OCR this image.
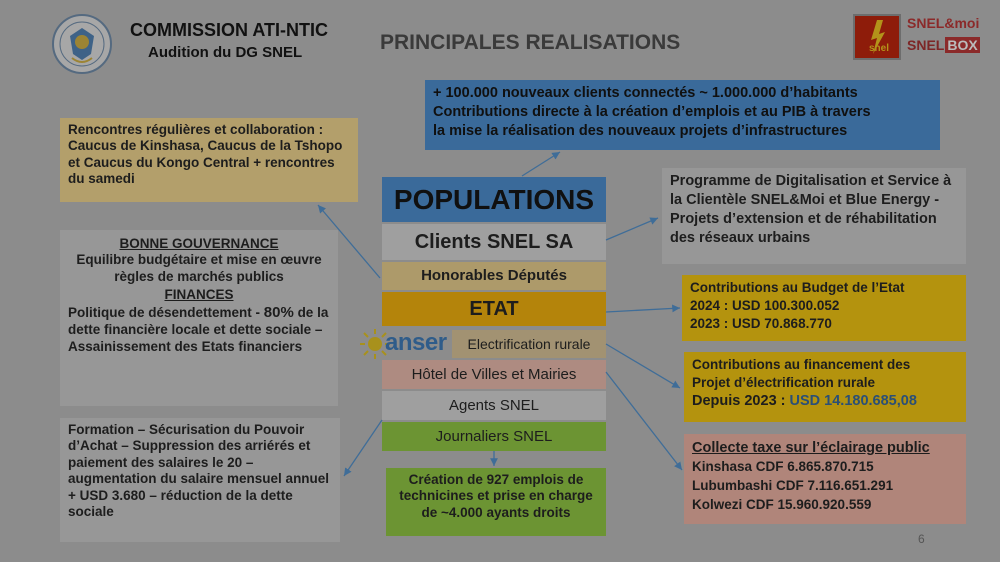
COMMISSION ATI-NTIC
Audition du DG SNEL	PRINCIPALES REALISATIONS	snel
SNEL&moi
SNEL BOX
+ 100.000 nouveaux clients connectés ~ 1.000.000 d’habitants
Contributions directe à la création d’emplois et au PIB à travers
la mise la réalisation des nouveaux projets d’infrastructures
Rencontres régulières et collaboration : Caucus de Kinshasa, Caucus de la Tshopo et Caucus du Kongo Central + rencontres du samedi
BONNE GOUVERNANCE
Equilibre budgétaire et mise en œuvre règles de marchés publics
FINANCES
Politique de désendettement - 80% de la dette financière locale et dette sociale – Assainissement des Etats financiers
Formation – Sécurisation du Pouvoir d’Achat – Suppression des arriérés et paiement des salaires le 20 – augmentation du salaire mensuel annuel + USD 3.680 – réduction de la dette sociale
POPULATIONS
Clients SNEL SA
Honorables Députés
ETAT
anser	Electrification rurale
Hôtel de Villes et Mairies
Agents SNEL
Journaliers SNEL
Création de 927 emplois de technicines et prise en charge de ~4.000 ayants droits
Programme de Digitalisation et Service à la Clientèle SNEL&Moi et Blue Energy - Projets d’extension et de réhabilitation des réseaux urbains
Contributions au Budget de l’Etat
2024 : USD 100.300.052
2023 : USD 70.868.770
Contributions au financement des
Projet d’électrification rurale
Depuis 2023 : USD 14.180.685,08
Collecte taxe sur l’éclairage public
Kinshasa CDF 6.865.870.715
Lubumbashi CDF 7.116.651.291
Kolwezi CDF 15.960.920.559
6
